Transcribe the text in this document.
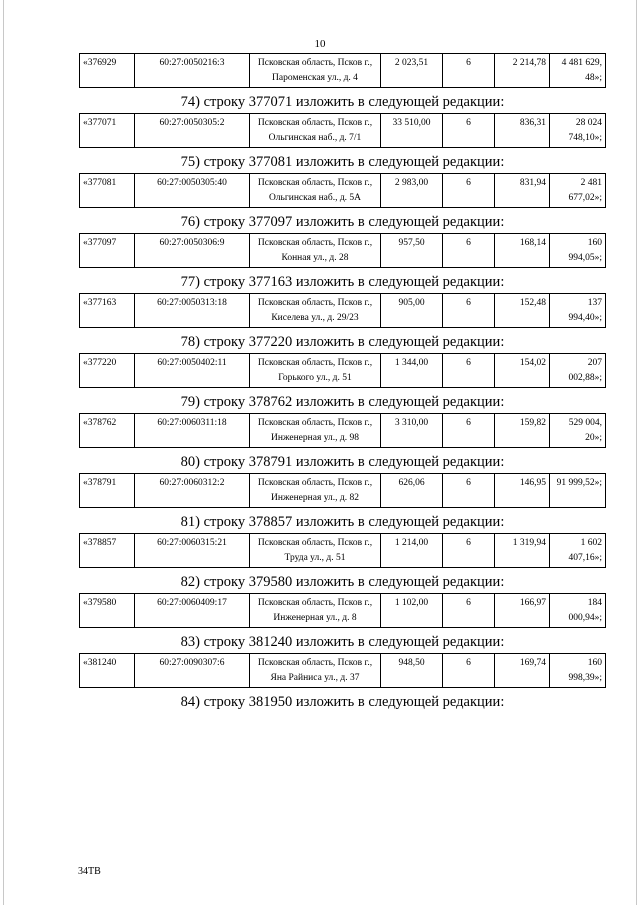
10
«376929	60:27:0050216:3	Псковская область, Псков г., Пароменская ул., д. 4	2 023,51	6	2 214,78	4 481 629, 48»;
74) строку 377071 изложить в следующей редакции:
«377071	60:27:0050305:2	Псковская область, Псков г., Ольгинская наб., д. 7/1	33 510,00	6	836,31	28 024 748,10»;
75) строку 377081 изложить в следующей редакции:
«377081	60:27:0050305:40	Псковская область, Псков г., Ольгинская наб., д. 5А	2 983,00	6	831,94	2 481 677,02»;
76) строку 377097 изложить в следующей редакции:
«377097	60:27:0050306:9	Псковская область, Псков г., Конная ул., д. 28	957,50	6	168,14	160 994,05»;
77) строку 377163 изложить в следующей редакции:
«377163	60:27:0050313:18	Псковская область, Псков г., Киселева ул., д. 29/23	905,00	6	152,48	137 994,40»;
78) строку 377220 изложить в следующей редакции:
«377220	60:27:0050402:11	Псковская область, Псков г., Горького ул., д. 51	1 344,00	6	154,02	207 002,88»;
79) строку 378762 изложить в следующей редакции:
«378762	60:27:0060311:18	Псковская область, Псков г., Инженерная ул., д. 98	3 310,00	6	159,82	529 004, 20»;
80) строку 378791 изложить в следующей редакции:
«378791	60:27:0060312:2	Псковская область, Псков г., Инженерная ул., д. 82	626,06	6	146,95	91 999,52»;
81) строку 378857 изложить в следующей редакции:
«378857	60:27:0060315:21	Псковская область, Псков г., Труда ул., д. 51	1 214,00	6	1 319,94	1 602 407,16»;
82) строку 379580 изложить в следующей редакции:
«379580	60:27:0060409:17	Псковская область, Псков г., Инженерная ул., д. 8	1 102,00	6	166,97	184 000,94»;
83) строку 381240 изложить в следующей редакции:
«381240	60:27:0090307:6	Псковская область, Псков г., Яна Райниса ул., д. 37	948,50	6	169,74	160 998,39»;
84) строку 381950 изложить в следующей редакции:
34ТВ
